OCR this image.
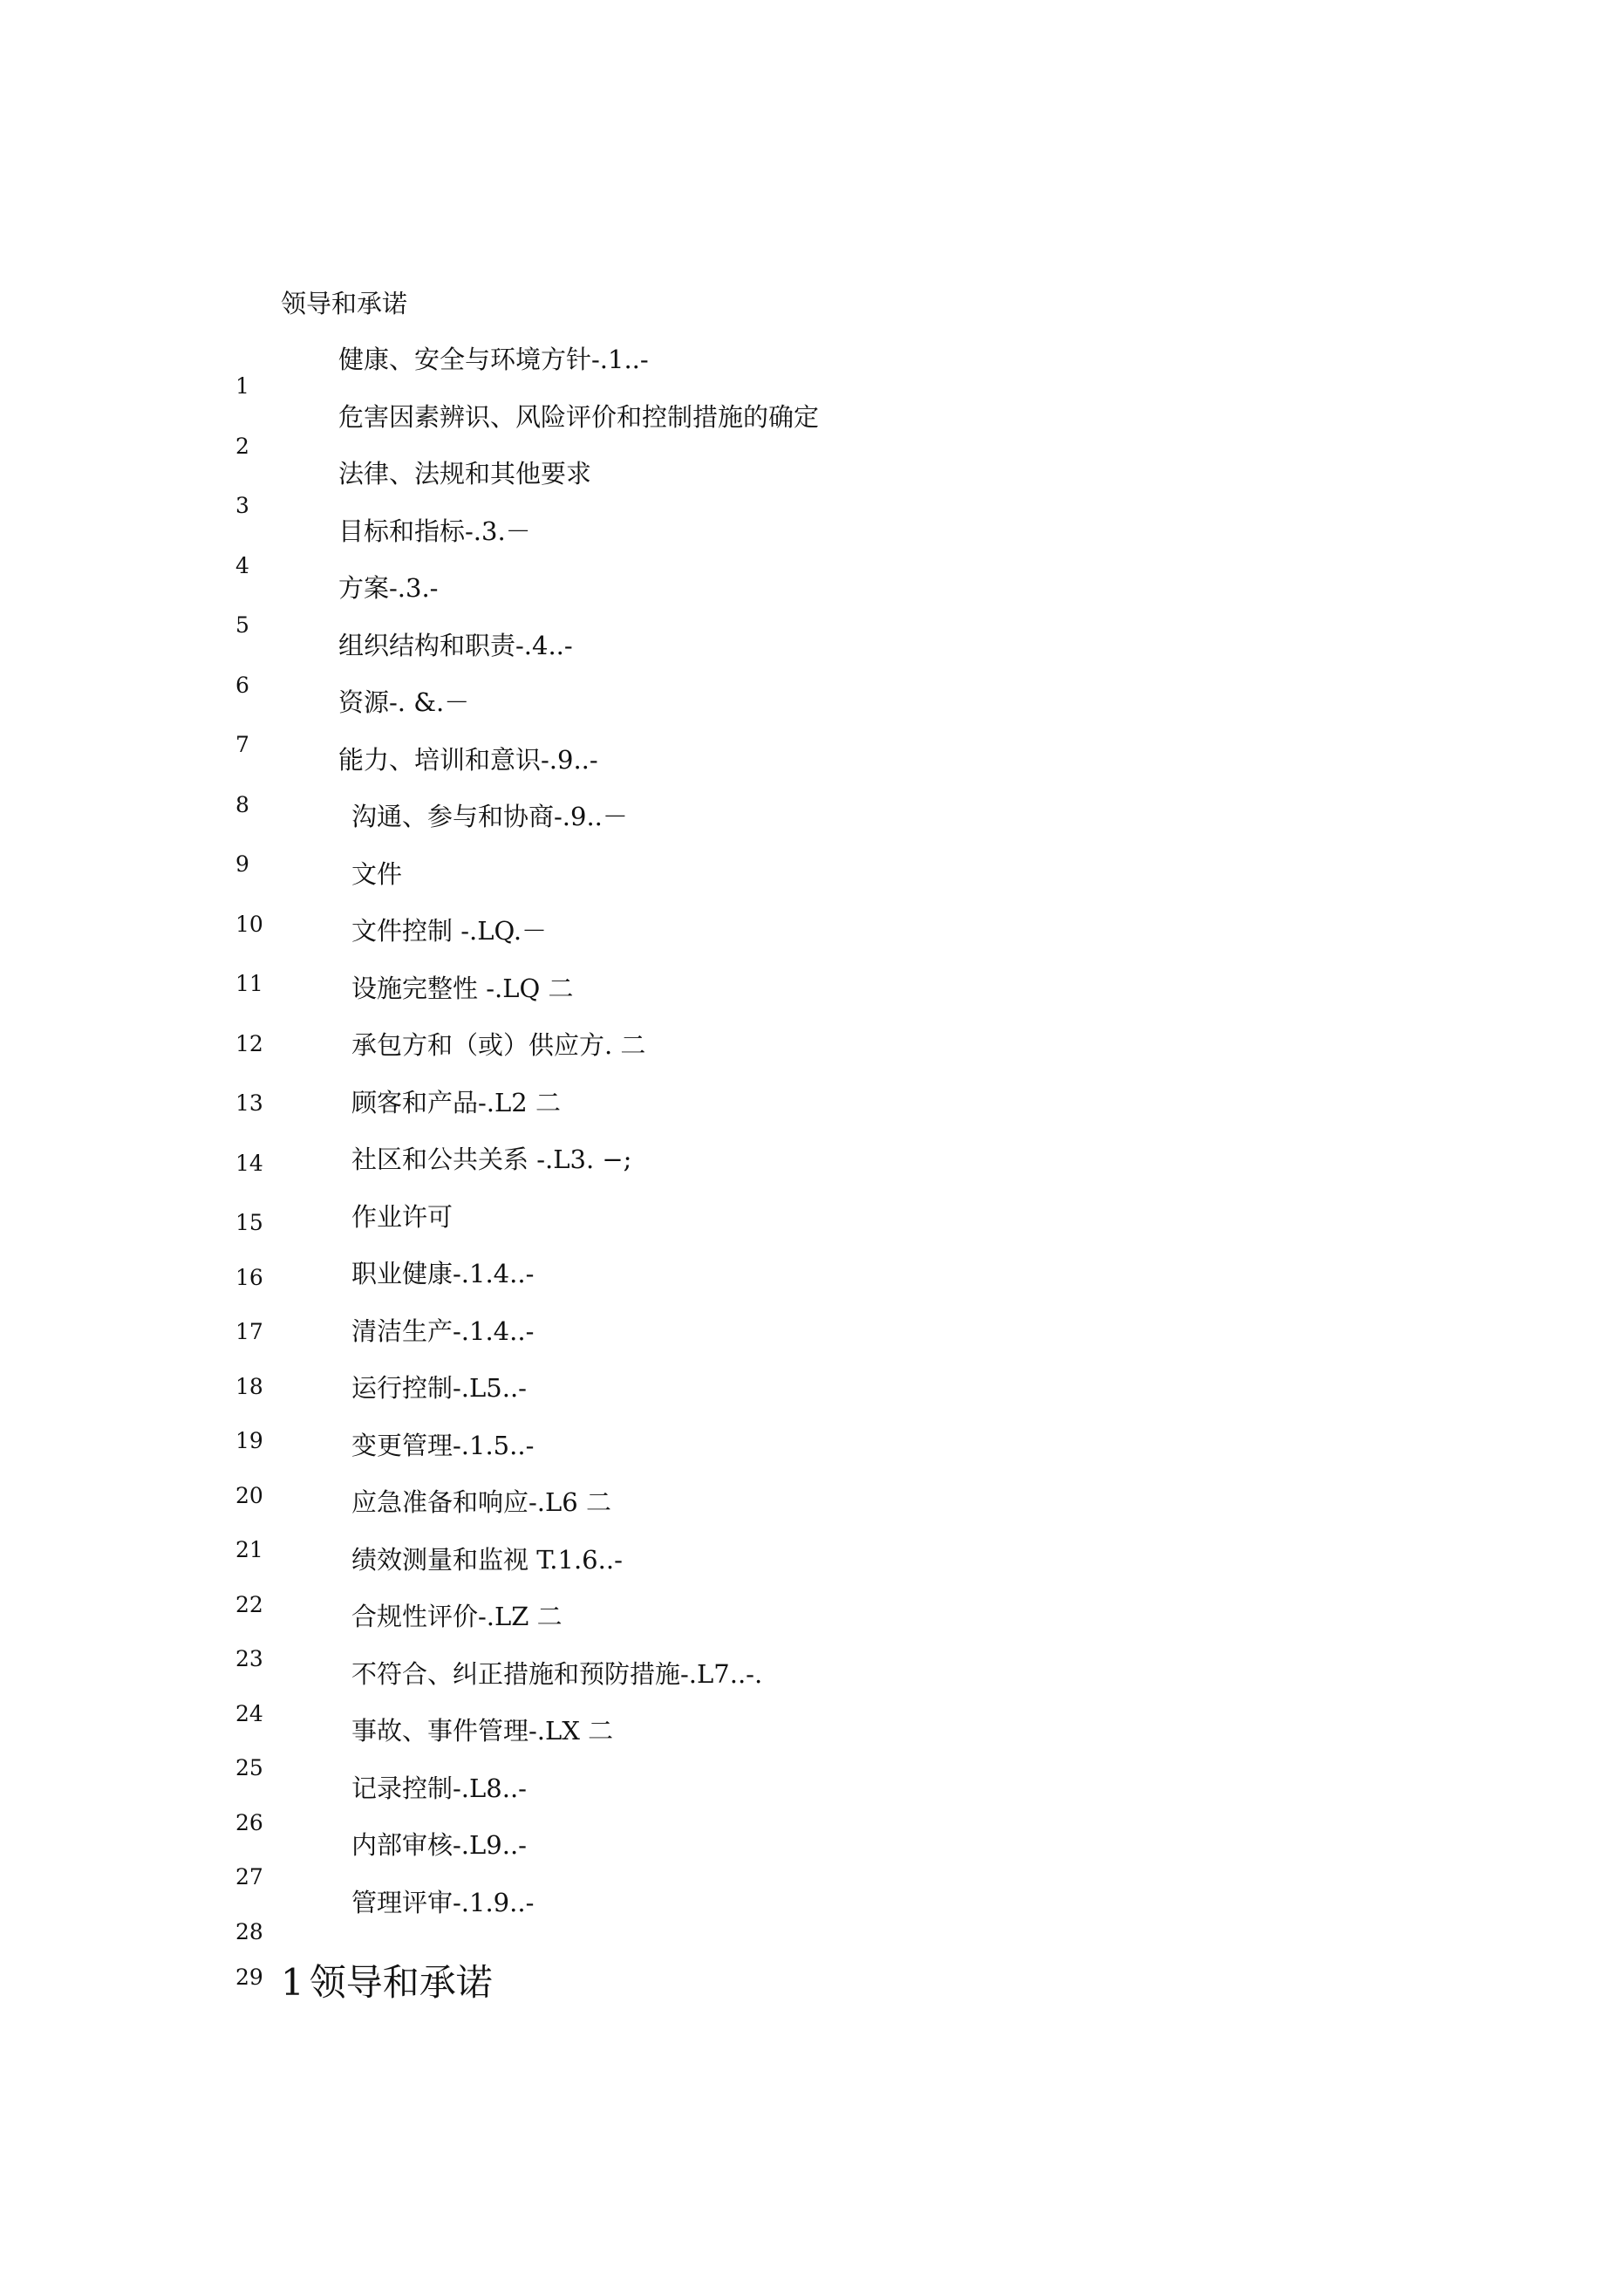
领导和承诺
健康、安全与环境方针-.1..-
危害因素辨识、风险评价和控制措施的确定
法律、法规和其他要求
目标和指标-.3.－
方案-.3.-
组织结构和职责-.4..-
资源-. &.－
能力、培训和意识-.9..-
沟通、参与和协商-.9..－
文件
文件控制 -.LQ.－
设施完整性 -.LQ 二
承包方和（或）供应方. 二
顾客和产品-.L2 二
社区和公共关系 -.L3. −;
作业许可
职业健康-.1.4..-
清洁生产-.1.4..-
运行控制-.L5..-
变更管理-.1.5..-
应急准备和响应-.L6 二
绩效测量和监视 T.1.6..-
合规性评价-.LZ 二
不符合、纠正措施和预防措施-.L7..-.
事故、事件管理-.LX 二
记录控制-.L8..-
内部审核-.L9..-
管理评审-.1.9..-
1
2
3
4
5
6
7
8
9
10
11
12
13
14
15
16
17
18
19
20
21
22
23
24
25
26
27
28
29 1 领导和承诺
